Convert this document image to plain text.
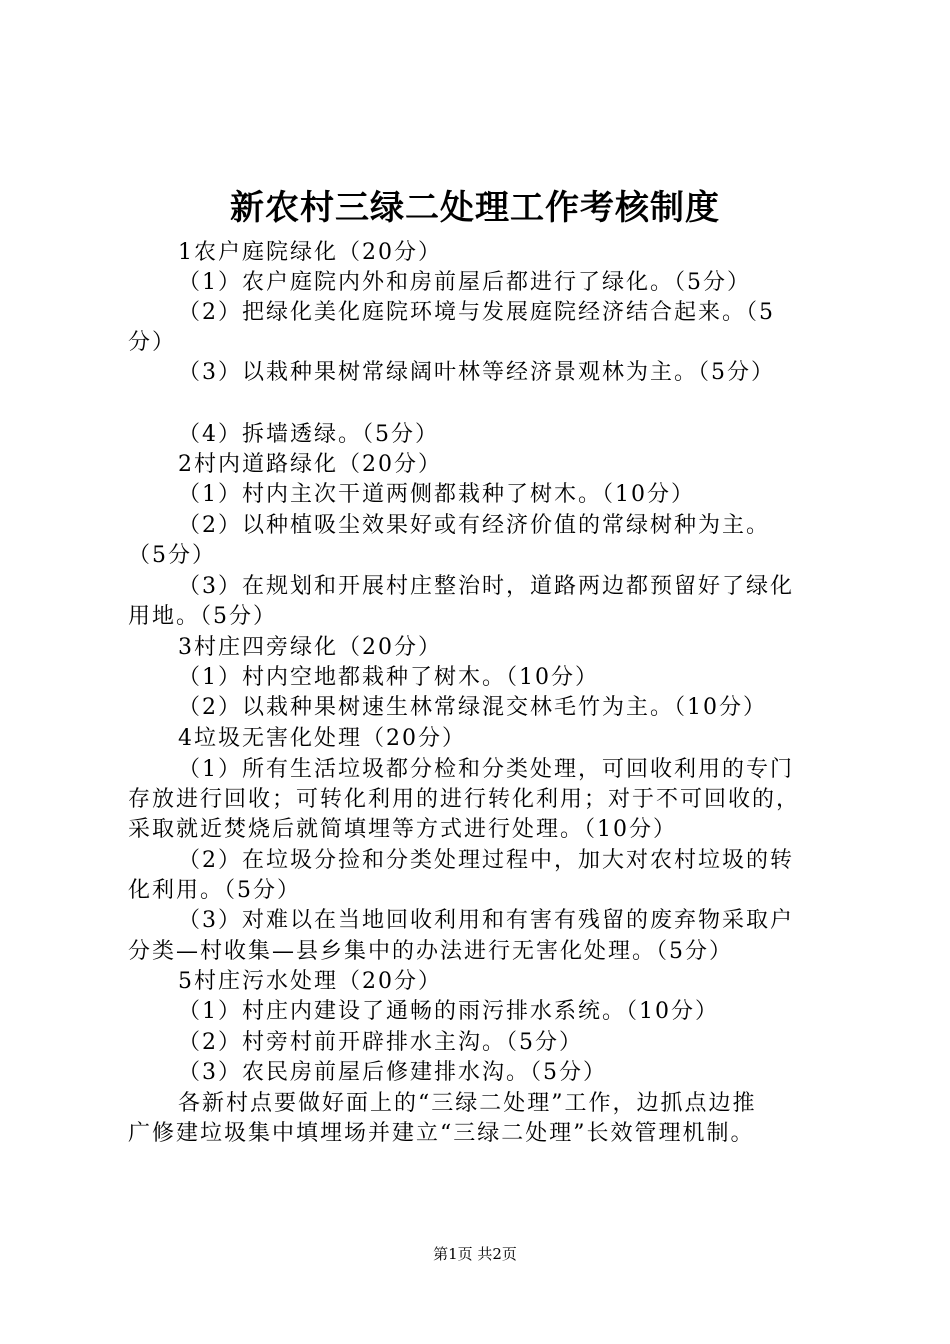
新农村三绿二处理工作考核制度
1农户庭院绿化（20分）
（1）农户庭院内外和房前屋后都进行了绿化。（5分）
（2）把绿化美化庭院环境与发展庭院经济结合起来。（5
分）
（3）以栽种果树常绿阔叶林等经济景观林为主。（5分）
（4）拆墙透绿。（5分）
2村内道路绿化（20分）
（1）村内主次干道两侧都栽种了树木。（10分）
（2）以种植吸尘效果好或有经济价值的常绿树种为主。
（5分）
（3）在规划和开展村庄整治时，道路两边都预留好了绿化
用地。（5分）
3村庄四旁绿化（20分）
（1）村内空地都栽种了树木。（10分）
（2）以栽种果树速生林常绿混交林毛竹为主。（10分）
4垃圾无害化处理（20分）
（1）所有生活垃圾都分检和分类处理，可回收利用的专门
存放进行回收；可转化利用的进行转化利用；对于不可回收的，
采取就近焚烧后就简填埋等方式进行处理。（10分）
（2）在垃圾分捡和分类处理过程中，加大对农村垃圾的转
化利用。（5分）
（3）对难以在当地回收利用和有害有残留的废弃物采取户
分类—村收集—县乡集中的办法进行无害化处理。（5分）
5村庄污水处理（20分）
（1）村庄内建设了通畅的雨污排水系统。（10分）
（2）村旁村前开辟排水主沟。（5分）
（3）农民房前屋后修建排水沟。（5分）
各新村点要做好面上的“三绿二处理”工作，边抓点边推
广修建垃圾集中填埋场并建立“三绿二处理”长效管理机制。
第1页 共2页
